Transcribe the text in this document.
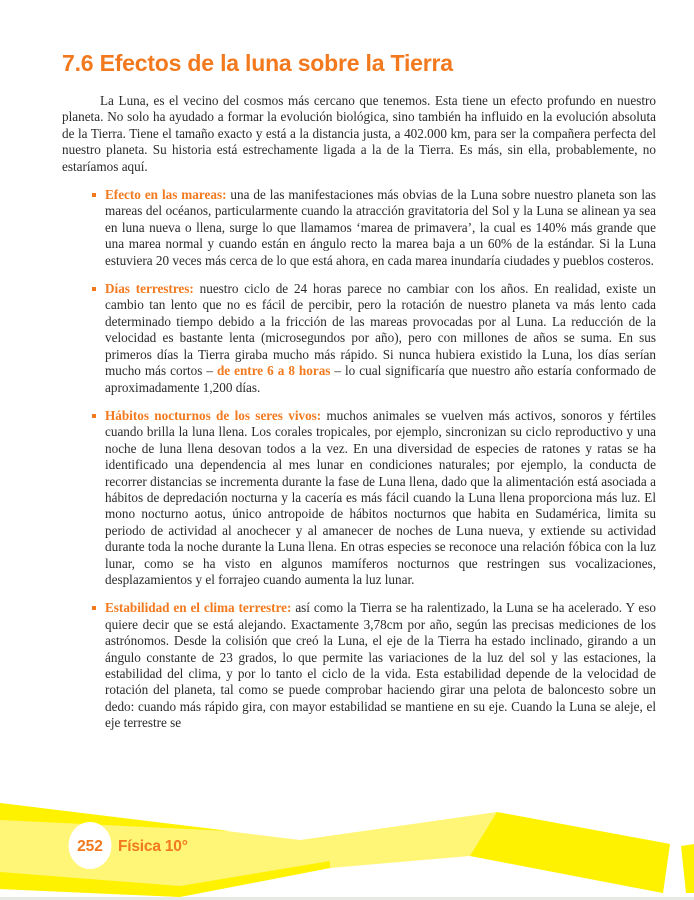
7.6 Efectos de la luna sobre la Tierra

La Luna, es el vecino del cosmos más cercano que tenemos. Esta tiene un efecto profundo en nuestro planeta. No solo ha ayudado a formar la evolución biológica, sino también ha influido en la evolución absoluta de la Tierra. Tiene el tamaño exacto y está a la distancia justa, a 402.000 km, para ser la compañera perfecta del nuestro planeta. Su historia está estrechamente ligada a la de la Tierra. Es más, sin ella, probablemente, no estaríamos aquí.

Efecto en las mareas: una de las manifestaciones más obvias de la Luna sobre nuestro planeta son las mareas del océanos, particularmente cuando la atracción gravitatoria del Sol y la Luna se alinean ya sea en luna nueva o llena, surge lo que llamamos ‘marea de primavera’, la cual es 140% más grande que una marea normal y cuando están en ángulo recto la marea baja a un 60% de la estándar. Si la Luna estuviera 20 veces más cerca de lo que está ahora, en cada marea inundaría ciudades y pueblos costeros.

Días terrestres: nuestro ciclo de 24 horas parece no cambiar con los años. En realidad, existe un cambio tan lento que no es fácil de percibir, pero la rotación de nuestro planeta va más lento cada determinado tiempo debido a la fricción de las mareas provocadas por al Luna. La reducción de la velocidad es bastante lenta (microsegundos por año), pero con millones de años se suma. En sus primeros días la Tierra giraba mucho más rápido. Si nunca hubiera existido la Luna, los días serían mucho más cortos – de entre 6 a 8 horas – lo cual significaría que nuestro año estaría conformado de aproximadamente 1,200 días.

Hábitos nocturnos de los seres vivos: muchos animales se vuelven más activos, sonoros y fértiles cuando brilla la luna llena. Los corales tropicales, por ejemplo, sincronizan su ciclo reproductivo y una noche de luna llena desovan todos a la vez. En una diversidad de especies de ratones y ratas se ha identificado una dependencia al mes lunar en condiciones naturales; por ejemplo, la conducta de recorrer distancias se incrementa durante la fase de Luna llena, dado que la alimentación está asociada a hábitos de depredación nocturna y la cacería es más fácil cuando la Luna llena proporciona más luz. El mono nocturno aotus, único antropoide de hábitos nocturnos que habita en Sudamérica, limita su periodo de actividad al anochecer y al amanecer de noches de Luna nueva, y extiende su actividad durante toda la noche durante la Luna llena. En otras especies se reconoce una relación fóbica con la luz lunar, como se ha visto en algunos mamíferos nocturnos que restringen sus vocalizaciones, desplazamientos y el forrajeo cuando aumenta la luz lunar.

Estabilidad en el clima terrestre: así como la Tierra se ha ralentizado, la Luna se ha acelerado. Y eso quiere decir que se está alejando. Exactamente 3,78cm por año, según las precisas mediciones de los astrónomos. Desde la colisión que creó la Luna, el eje de la Tierra ha estado inclinado, girando a un ángulo constante de 23 grados, lo que permite las variaciones de la luz del sol y las estaciones, la estabilidad del clima, y por lo tanto el ciclo de la vida. Esta estabilidad depende de la velocidad de rotación del planeta, tal como se puede comprobar haciendo girar una pelota de baloncesto sobre un dedo: cuando más rápido gira, con mayor estabilidad se mantiene en su eje. Cuando la Luna se aleje, el eje terrestre se

252 Física 10°
